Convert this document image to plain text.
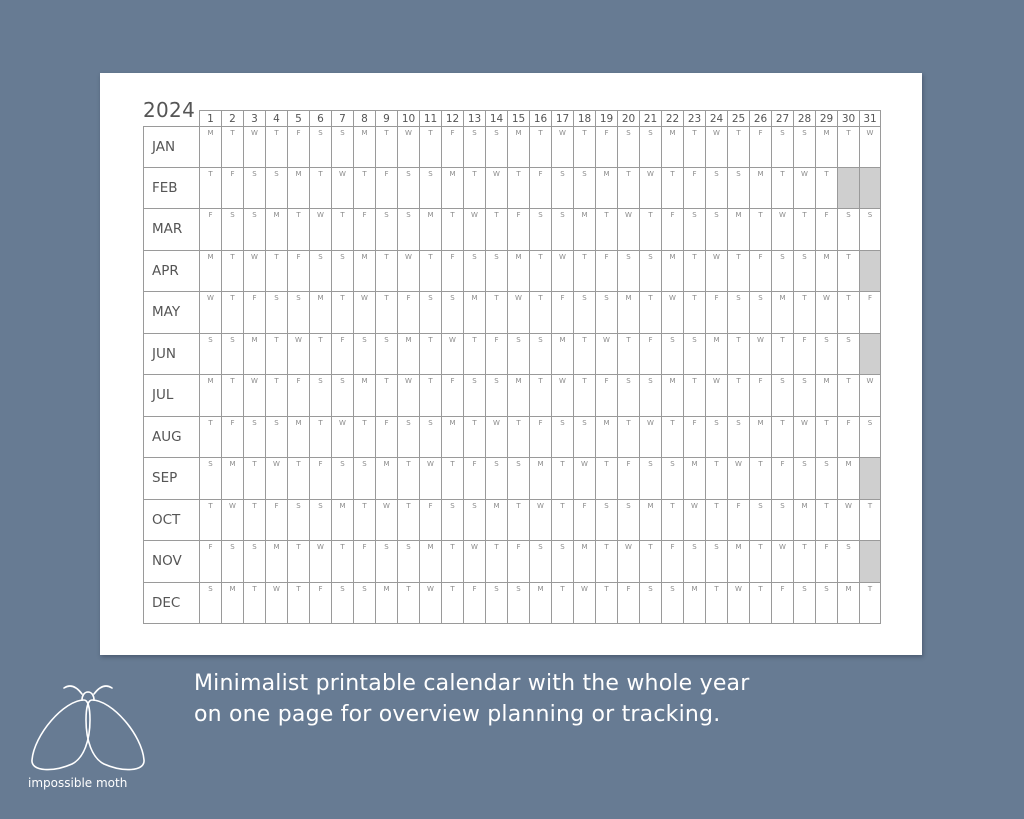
2024	1	2	3	4	5	6	7	8	9	10 11 12 13 14 15 16 17 18 19 20 21 22 23 24 25 26 27 28 29 30 31
JAN
M	T	W	T	F	S	S	M	T	W	T	F	S	S	M	T	W	T	F	S	S	M	T	W	T	F	S	S	M	T	W
FEB
T	F	S	S	M	T	W	T	F	S	S	M	T	W	T	F	S	S	M	T	W	T	F	S	S	M	T	W	T
MAR
F	S	S	M	T	W	T	F	S	S	M	T	W	T	F	S	S	M	T	W	T	F	S	S	M	T	W	T	F	S	S
APR
M	T	W	T	F	S	S	M	T	W	T	F	S	S	M	T	W	T	F	S	S	M	T	W	T	F	S	S	M	T
MAY
W	T	F	S	S	M	T	W	T	F	S	S	M	T	W	T	F	S	S	M	T	W	T	F	S	S	M	T	W	T	F
JUN
S	S	M	T	W	T	F	S	S	M	T	W	T	F	S	S	M	T	W	T	F	S	S	M	T	W	T	F	S	S
JUL
M	T	W	T	F	S	S	M	T	W	T	F	S	S	M	T	W	T	F	S	S	M	T	W	T	F	S	S	M	T	W
AUG
T	F	S	S	M	T	W	T	F	S	S	M	T	W	T	F	S	S	M	T	W	T	F	S	S	M	T	W	T	F	S
SEP
S	M	T	W	T	F	S	S	M	T	W	T	F	S	S	M	T	W	T	F	S	S	M	T	W	T	F	S	S	M
OCT
T	W	T	F	S	S	M	T	W	T	F	S	S	M	T	W	T	F	S	S	M	T	W	T	F	S	S	M	T	W	T
NOV
F	S	S	M	T	W	T	F	S	S	M	T	W	T	F	S	S	M	T	W	T	F	S	S	M	T	W	T	F	S
DEC
S	M	T	W	T	F	S	S	M	T	W	T	F	S	S	M	T	W	T	F	S	S	M	T	W	T	F	S	S	M	T
Minimalist printable calendar with the whole year
on one page for overview planning or tracking.
impossible moth
